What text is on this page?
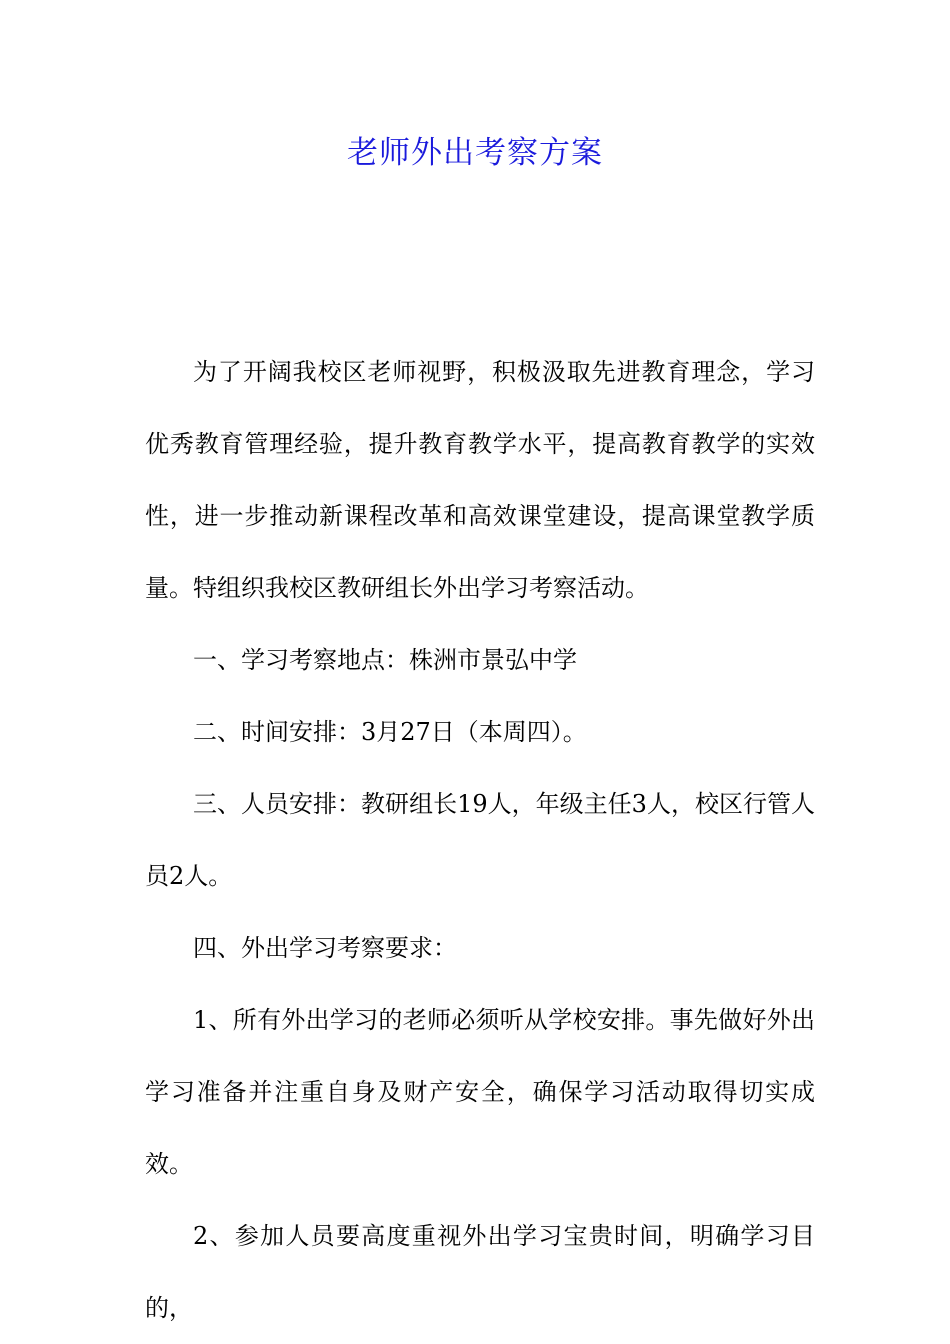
老师外出考察方案

为了开阔我校区老师视野，积极汲取先进教育理念，学习优秀教育管理经验，提升教育教学水平，提高教育教学的实效性，进一步推动新课程改革和高效课堂建设，提高课堂教学质量。特组织我校区教研组长外出学习考察活动。

一、学习考察地点：株洲市景弘中学

二、时间安排：3月27日（本周四）。

三、人员安排：教研组长19人，年级主任3人，校区行管人员2人。

四、外出学习考察要求：

1、所有外出学习的老师必须听从学校安排。事先做好外出学习准备并注重自身及财产安全，确保学习活动取得切实成效。

2、参加人员要高度重视外出学习宝贵时间，明确学习目的，
